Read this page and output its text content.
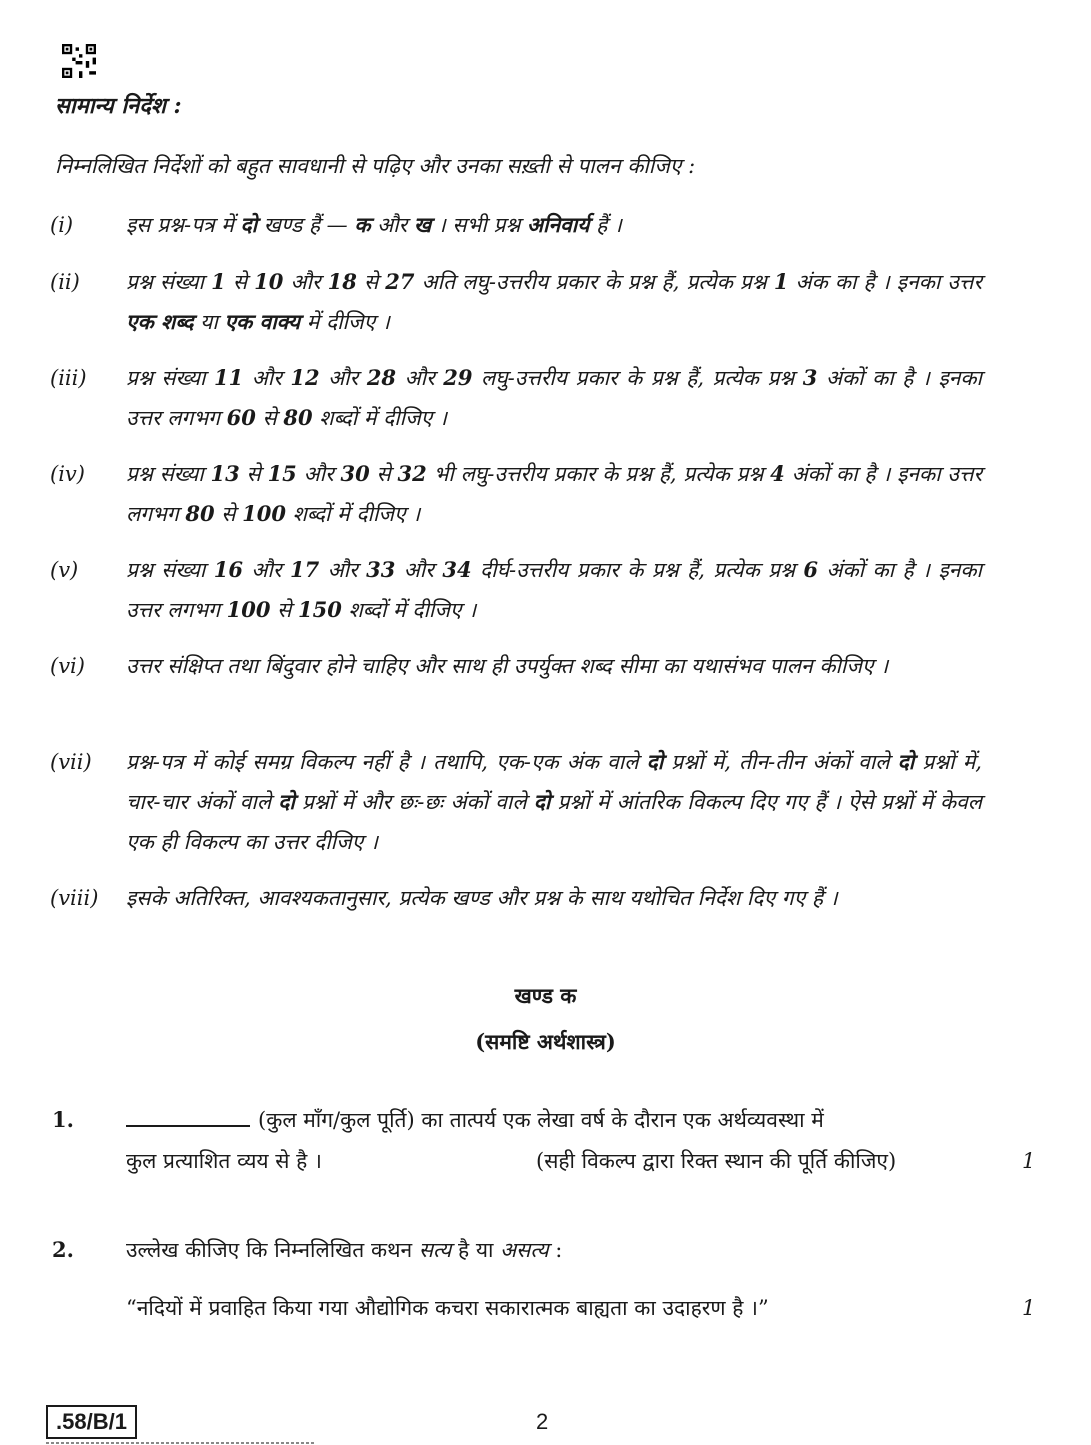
सामान्य निर्देश :
निम्नलिखित निर्देशों को बहुत सावधानी से पढ़िए और उनका सख़्ती से पालन कीजिए :
(i)	इस प्रश्न-पत्र में दो खण्ड हैं — क और ख । सभी प्रश्न अनिवार्य हैं ।
(ii) प्रश्न संख्या 1 से 10 और 18 से 27 अति लघु-उत्तरीय प्रकार के प्रश्न हैं, प्रत्येक प्रश्न 1 अंक का है । इनका उत्तर एक शब्द या एक वाक्य में दीजिए ।
(iii) प्रश्न संख्या 11 और 12 और 28 और 29 लघु-उत्तरीय प्रकार के प्रश्न हैं, प्रत्येक प्रश्न 3 अंकों का है । इनका उत्तर लगभग 60 से 80 शब्दों में दीजिए ।
(iv) प्रश्न संख्या 13 से 15 और 30 से 32 भी लघु-उत्तरीय प्रकार के प्रश्न हैं, प्रत्येक प्रश्न 4 अंकों का है । इनका उत्तर लगभग 80 से 100 शब्दों में दीजिए ।
(v) प्रश्न संख्या 16 और 17 और 33 और 34 दीर्घ-उत्तरीय प्रकार के प्रश्न हैं, प्रत्येक प्रश्न 6 अंकों का है । इनका उत्तर लगभग 100 से 150 शब्दों में दीजिए ।
(vi) उत्तर संक्षिप्त तथा बिंदुवार होने चाहिए और साथ ही उपर्युक्त शब्द सीमा का यथासंभव पालन कीजिए ।
(vii) प्रश्न-पत्र में कोई समग्र विकल्प नहीं है । तथापि, एक-एक अंक वाले दो प्रश्नों में, तीन-तीन अंकों वाले दो प्रश्नों में, चार-चार अंकों वाले दो प्रश्नों में और छः-छः अंकों वाले दो प्रश्नों में आंतरिक विकल्प दिए गए हैं । ऐसे प्रश्नों में केवल एक ही विकल्प का उत्तर दीजिए ।
(viii) इसके अतिरिक्त, आवश्यकतानुसार, प्रत्येक खण्ड और प्रश्न के साथ यथोचित निर्देश दिए गए हैं ।
खण्ड क
(समष्टि अर्थशास्त्र)
1.	(कुल माँग/कुल पूर्ति) का तात्पर्य एक लेखा वर्ष के दौरान एक अर्थव्यवस्था में
कुल प्रत्याशित व्यय से है ।	(सही विकल्प द्वारा रिक्त स्थान की पूर्ति कीजिए)	1
2. उल्लेख कीजिए कि निम्नलिखित कथन सत्य है या असत्य :
“नदियों में प्रवाहित किया गया औद्योगिक कचरा सकारात्मक बाह्यता का उदाहरण है ।”	1
.58/B/1	2
